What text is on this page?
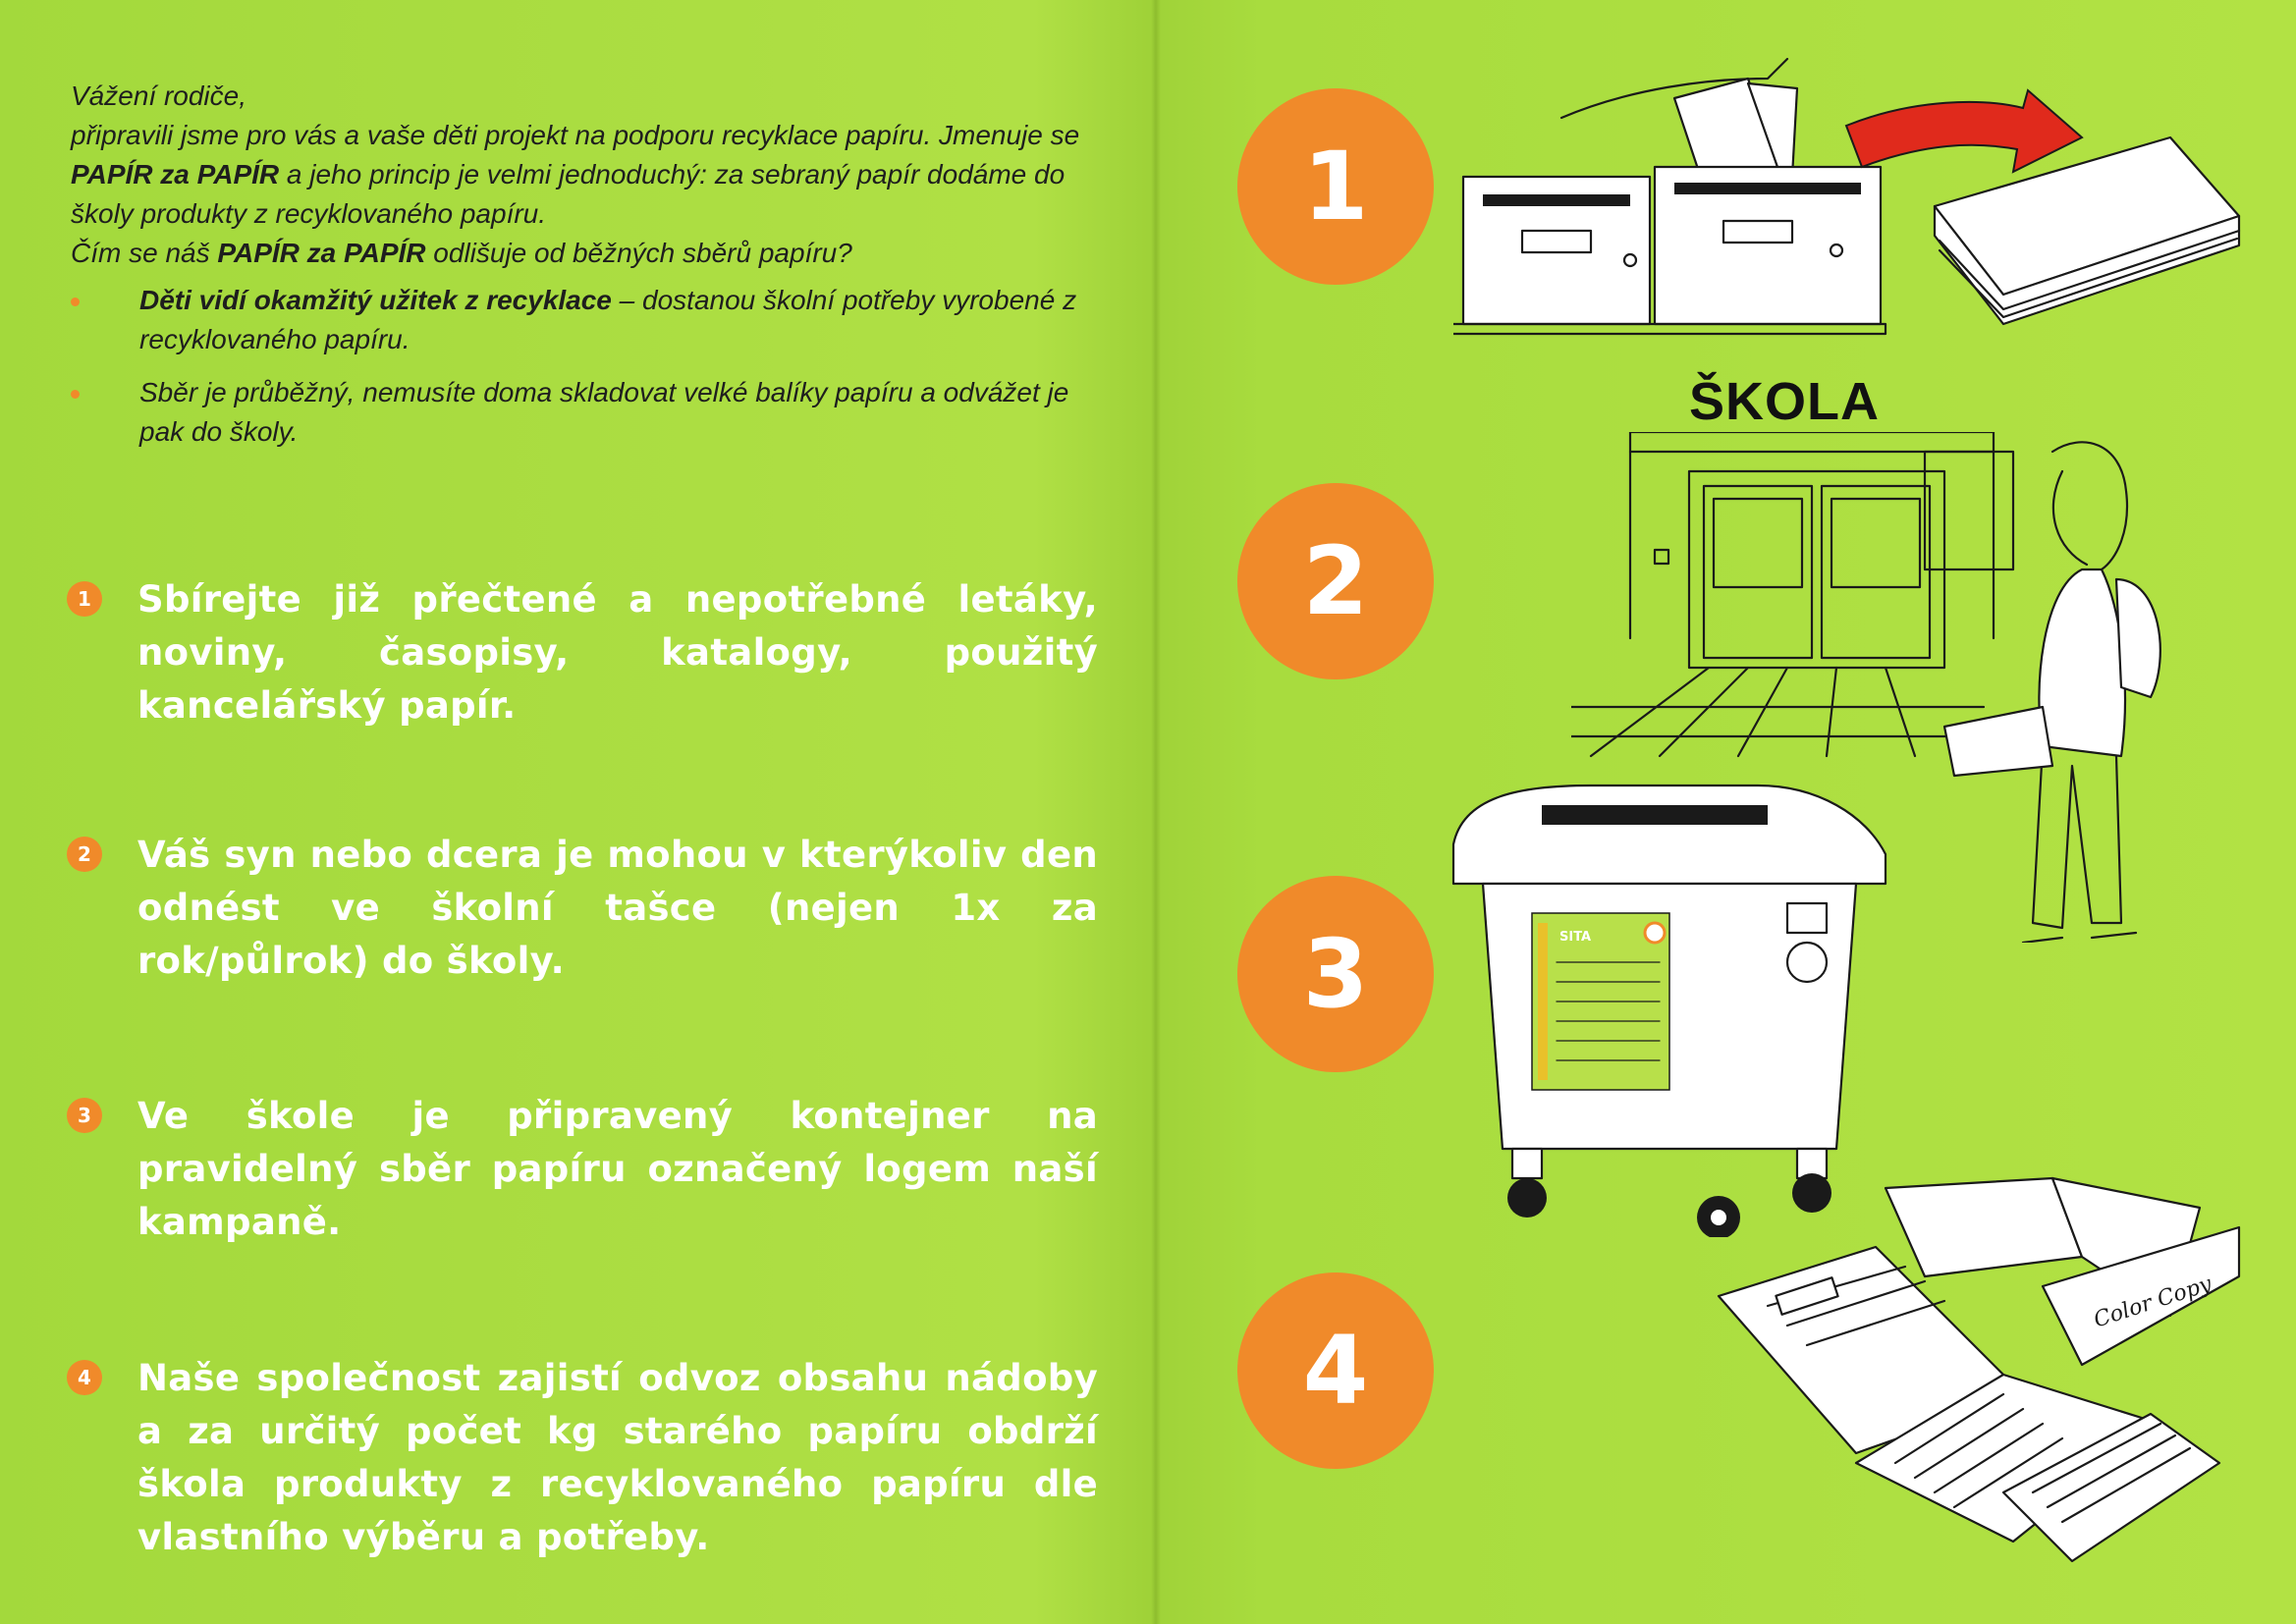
Vážení rodiče,

připravili jsme pro vás a vaše děti projekt na podporu recyklace papíru. Jmenuje se PAPÍR za PAPÍR a jeho princip je velmi jednoduchý: za sebraný papír dodáme do školy produkty z recyklovaného papíru.

Čím se náš PAPÍR za PAPÍR odlišuje od běžných sběrů papíru?

Děti vidí okamžitý užitek z recyklace – dostanou školní potřeby vyrobené z recyklovaného papíru.
Sběr je průběžný, nemusíte doma skladovat velké balíky papíru a odvážet je pak do školy.
1 Sbírejte již přečtené a nepotřebné letáky, noviny, časopisy, katalogy, použitý kancelářský papír.
2 Váš syn nebo dcera je mohou v kterýkoliv den odnést ve školní tašce (nejen 1x za rok/půlrok) do školy.
3 Ve škole je připravený kontejner na pravidelný sběr papíru označený logem naší kampaně.
4 Naše společnost zajistí odvoz obsahu nádoby a za určitý počet kg starého papíru obdrží škola produkty z recyklovaného papíru dle vlastního výběru a potřeby.
1
2
3
4
ŠKOLA
SITA
Color Copy
